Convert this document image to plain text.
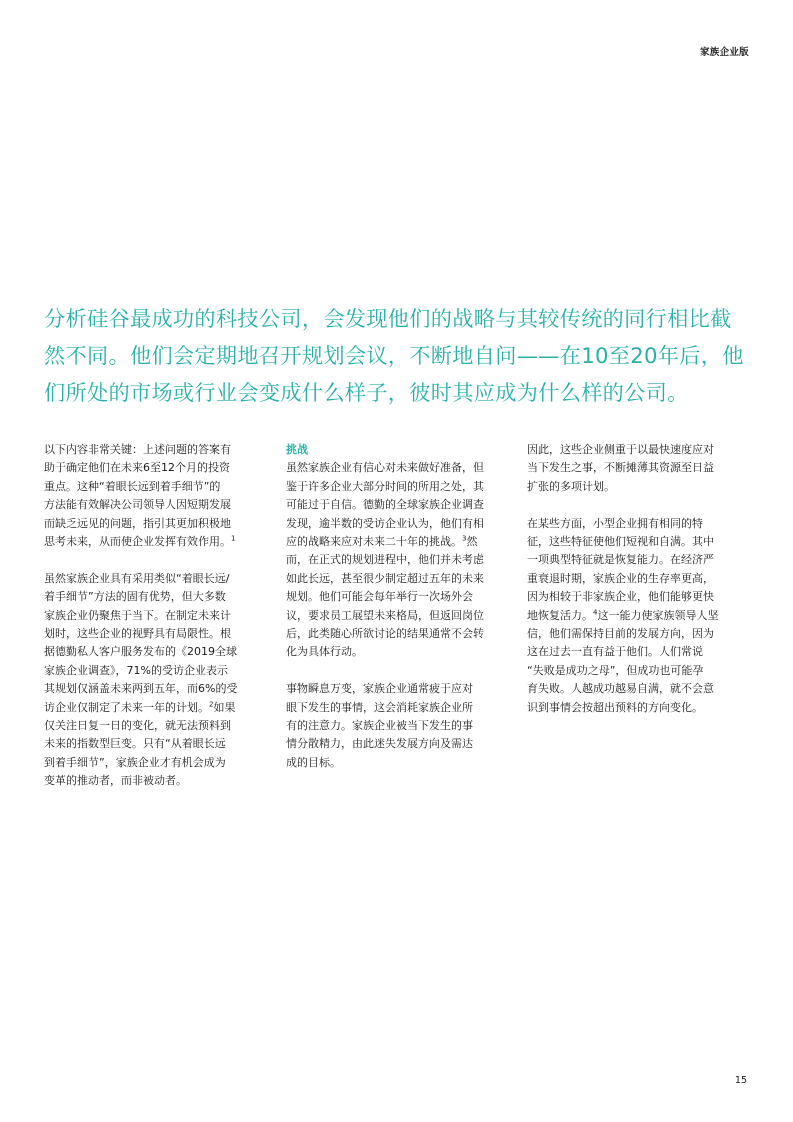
家族企业版
分析硅谷最成功的科技公司，会发现他们的战略与其较传统的同行相比截
然不同。他们会定期地召开规划会议，不断地自问——在10至20年后，他
们所处的市场或行业会变成什么样子，彼时其应成为什么样的公司。

以下内容非常关键：上述问题的答案有
助于确定他们在未来6至12个月的投资
重点。这种“着眼长远到着手细节”的
方法能有效解决公司领导人因短期发展
而缺乏远见的问题，指引其更加积极地
思考未来，从而使企业发挥有效作用。$^1$

虽然家族企业具有采用类似“着眼长远/
着手细节”方法的固有优势，但大多数
家族企业仍聚焦于当下。在制定未来计
划时，这些企业的视野具有局限性。根
据德勤私人客户服务发布的《2019全球
家族企业调查》，71%的受访企业表示
其规划仅涵盖未来两到五年，而6%的受
访企业仅制定了未来一年的计划。$^2$如果
仅关注日复一日的变化，就无法预料到
未来的指数型巨变。只有“从着眼长远
到着手细节”，家族企业才有机会成为
变革的推动者，而非被动者。

挑战

虽然家族企业有信心对未来做好准备，但
鉴于许多企业大部分时间的所用之处，其
可能过于自信。德勤的全球家族企业调查
发现，逾半数的受访企业认为，他们有相
应的战略来应对未来二十年的挑战。$^3$然
而，在正式的规划进程中，他们并未考虑
如此长远，甚至很少制定超过五年的未来
规划。他们可能会每年举行一次场外会
议，要求员工展望未来格局，但返回岗位
后，此类随心所欲讨论的结果通常不会转
化为具体行动。

事物瞬息万变，家族企业通常疲于应对
眼下发生的事情，这会消耗家族企业所
有的注意力。家族企业被当下发生的事
情分散精力，由此迷失发展方向及需达
成的目标。

因此，这些企业侧重于以最快速度应对
当下发生之事，不断摊薄其资源至日益
扩张的多项计划。

在某些方面，小型企业拥有相同的特
征，这些特征使他们短视和自满。其中
一项典型特征就是恢复能力。在经济严
重衰退时期，家族企业的生存率更高，
因为相较于非家族企业，他们能够更快
地恢复活力。$^4$这一能力使家族领导人坚
信，他们需保持目前的发展方向，因为
这在过去一直有益于他们。人们常说
“失败是成功之母”，但成功也可能孕
育失败。人越成功越易自满，就不会意
识到事情会按超出预料的方向变化。

15
